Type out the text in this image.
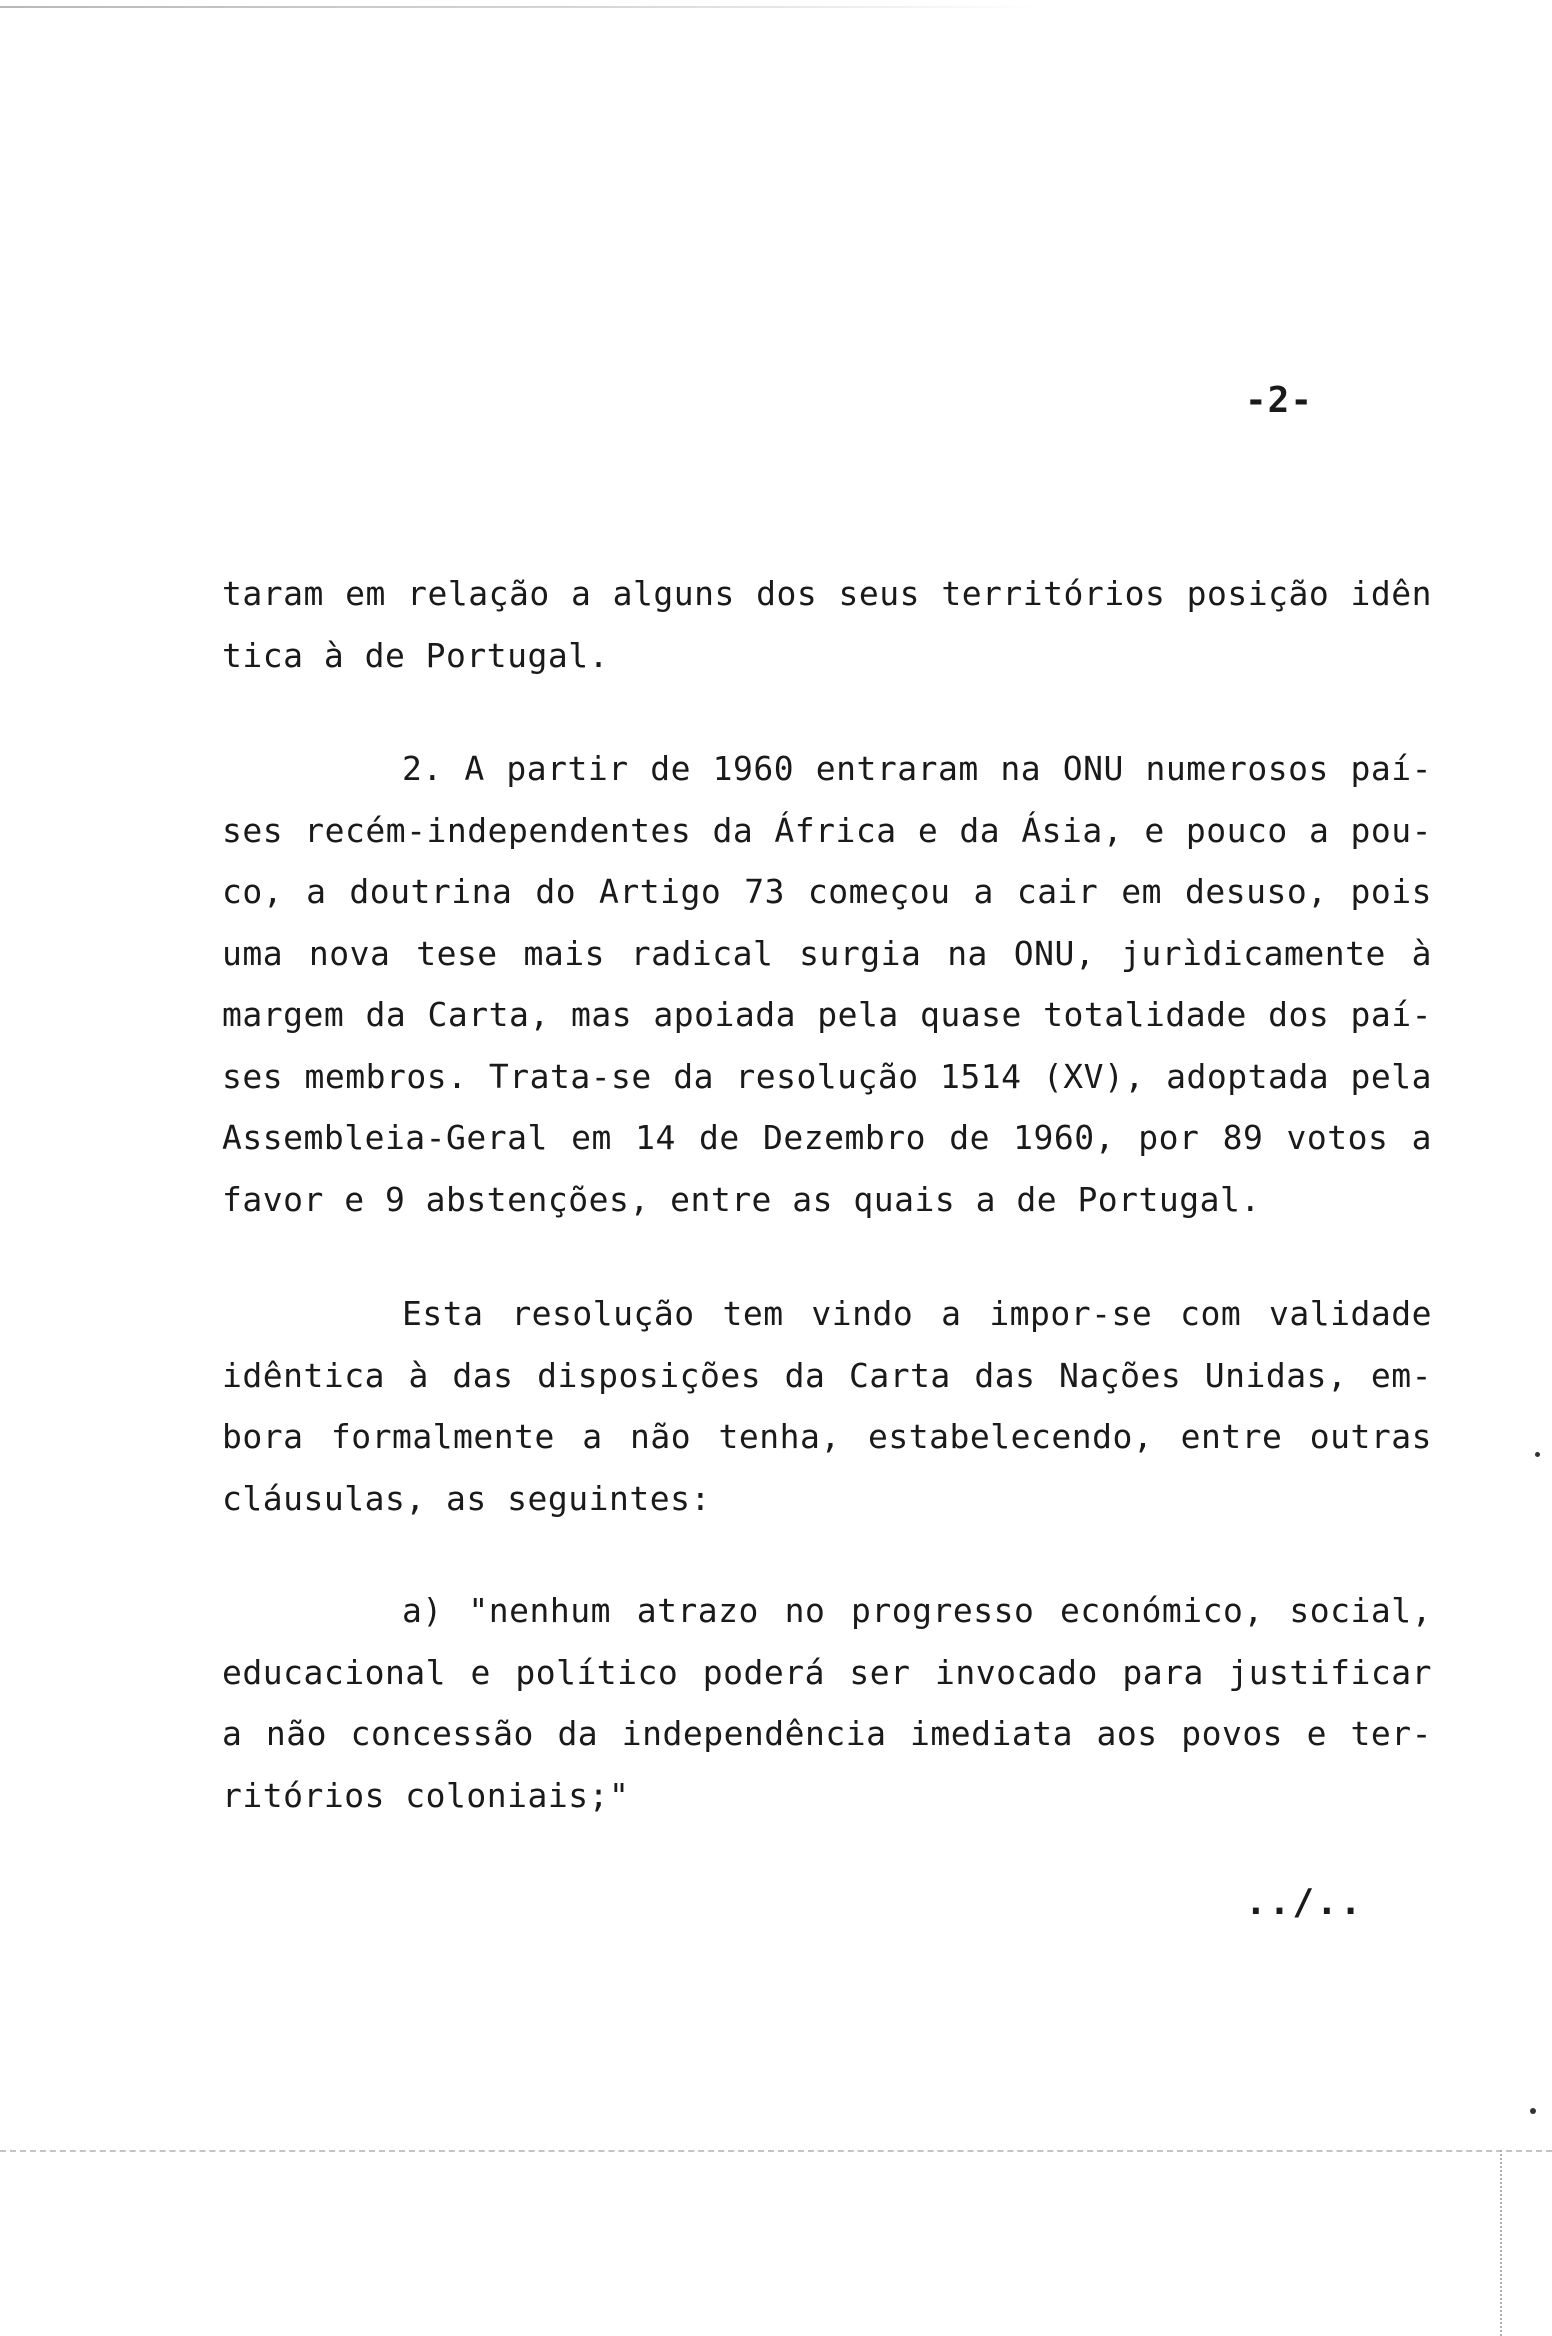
-2-
taram em relação a alguns dos seus territórios posição idên
tica à de Portugal.
2. A partir de 1960 entraram na ONU numerosos paí-
ses recém-independentes da África e da Ásia, e pouco a pou-
co, a doutrina do Artigo 73 começou a cair em desuso, pois
uma nova tese mais radical surgia na ONU, jurìdicamente à
margem da Carta, mas apoiada pela quase totalidade dos paí-
ses membros. Trata-se da resolução 1514 (XV), adoptada pela
Assembleia-Geral em 14 de Dezembro de 1960, por 89 votos a
favor e 9 abstenções, entre as quais a de Portugal.
Esta resolução tem vindo a impor-se com validade
idêntica à das disposições da Carta das Nações Unidas, em-
bora formalmente a não tenha, estabelecendo, entre outras
cláusulas, as seguintes:
a) "nenhum atrazo no progresso económico, social,
educacional e político poderá ser invocado para justificar
a não concessão da independência imediata aos povos e ter-
ritórios coloniais;"
../..
